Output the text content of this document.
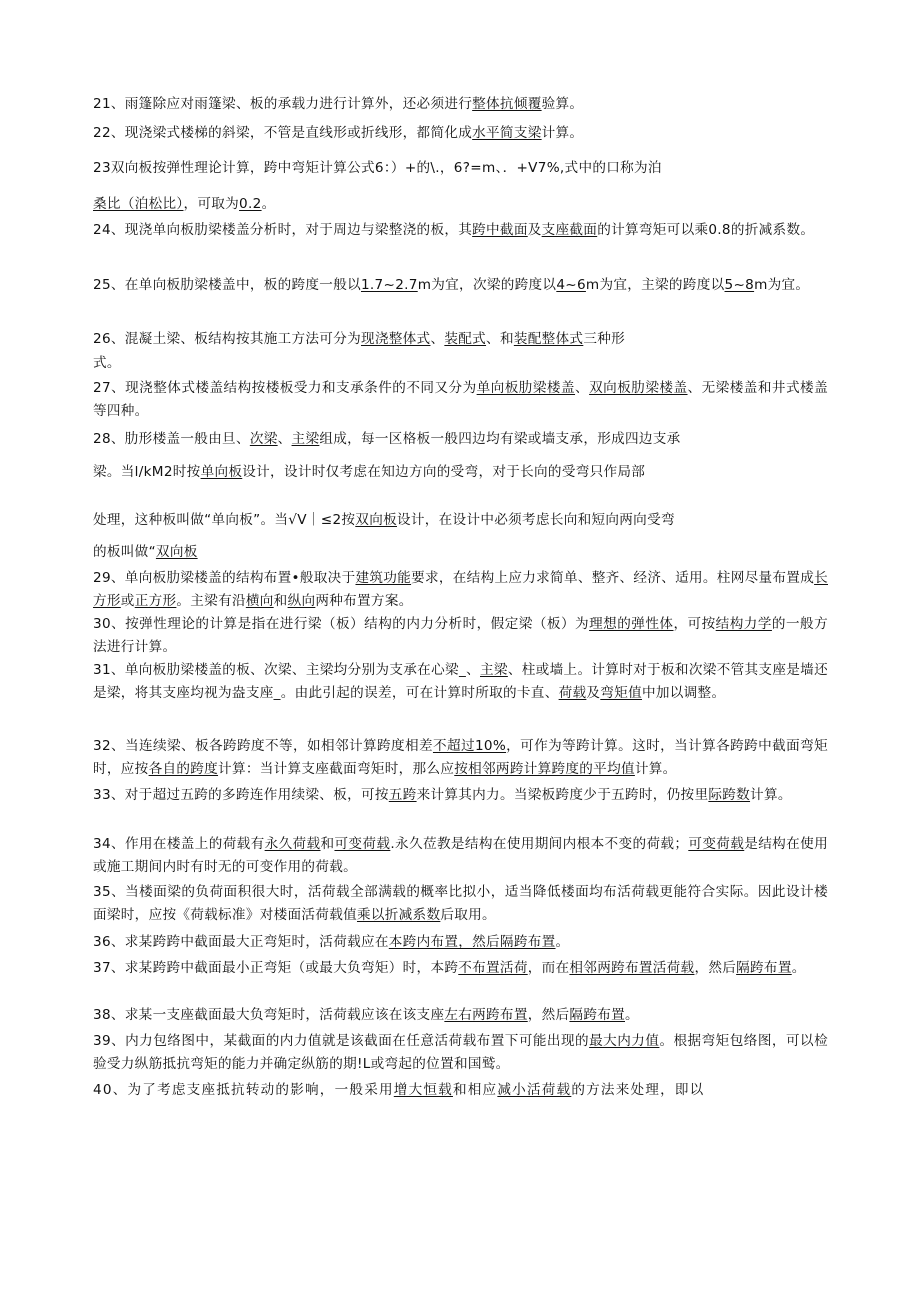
21、雨篷除应对雨篷梁、板的承载力进行计算外，还必须进行整体抗倾覆验算。
22、现浇梁式楼梯的斜梁，不管是直线形或折线形，都简化成水平简支梁计算。
23双向板按弹性理论计算，跨中弯矩计算公式6：）+的\.，6?=m、．+V7%,式中的口称为泊
桑比（泊松比），可取为0.2。
24、现浇单向板肋梁楼盖分析时，对于周边与梁整浇的板，其跨中截面及支座截面的计算弯矩可以乘0.8的折减系数。
25、在单向板肋梁楼盖中，板的跨度一般以1.7~2.7m为宜，次梁的跨度以4~6m为宜，主梁的跨度以5~8m为宜。
26、混凝土梁、板结构按其施工方法可分为现浇整体式、装配式、和装配整体式三种形
式。
27、现浇整体式楼盖结构按楼板受力和支承条件的不同又分为单向板肋梁楼盖、双向板肋梁楼盖、无梁楼盖和井式楼盖等四种。
28、肋形楼盖一般由旦、次梁、主梁组成，每一区格板一般四边均有梁或墙支承，形成四边支承
梁。当l/kM2时按单向板设计，设计时仅考虑在知边方向的受弯，对于长向的受弯只作局部
处理，这种板叫做“单向板”。当√V｜≤2按双向板设计，在设计中必须考虑长向和短向两向受弯
的板叫做“双向板
29、单向板肋梁楼盖的结构布置•般取决于建筑功能要求，在结构上应力求简单、整齐、经济、适用。柱网尽量布置成长方形或正方形。主梁有沿横向和纵向两种布置方案。
30、按弹性理论的计算是指在进行梁（板）结构的内力分析时，假定梁（板）为理想的弹性体，可按结构力学的一般方法进行计算。
31、单向板肋梁楼盖的板、次梁、主梁均分别为支承在心梁_、主梁、柱或墙上。计算时对于板和次梁不管其支座是墙还是梁，将其支座均视为盎支座_。由此引起的误差，可在计算时所取的卡直、荷载及弯矩值中加以调整。
32、当连续梁、板各跨跨度不等，如相邻计算跨度相差不超过10%，可作为等跨计算。这时，当计算各跨跨中截面弯矩时，应按各自的跨度计算：当计算支座截面弯矩时，那么应按相邻两跨计算跨度的平均值计算。
33、对于超过五跨的多跨连作用续梁、板，可按五跨来计算其内力。当梁板跨度少于五跨时，仍按里际跨数计算。
34、作用在楼盖上的荷载有永久荷载和可变荷载.永久莅教是结构在使用期间内根本不变的荷载；可变荷载是结构在使用或施工期间内时有时无的可变作用的荷载。
35、当楼面梁的负荷面积很大时，活荷载全部满载的概率比拟小，适当降低楼面均布活荷载更能符合实际。因此设计楼面梁时，应按《荷载标准》对楼面活荷载值乘以折减系数后取用。
36、求某跨跨中截面最大正弯矩时，活荷载应在本跨内布置，然后隔跨布置。
37、求某跨跨中截面最小正弯矩（或最大负弯矩）时，本跨不布置活荷，而在相邻两跨布置活荷载，然后隔跨布置。
38、求某一支座截面最大负弯矩时，活荷载应该在该支座左右两跨布置，然后隔跨布置。
39、内力包络图中，某截面的内力值就是该截面在任意活荷载布置下可能出现的最大内力值。根据弯矩包络图，可以检验受力纵筋抵抗弯矩的能力并确定纵筋的期!L或弯起的位置和国鹫。
40、为了考虑支座抵抗转动的影响，一般采用增大恒载和相应减小活荷载的方法来处理，即以
